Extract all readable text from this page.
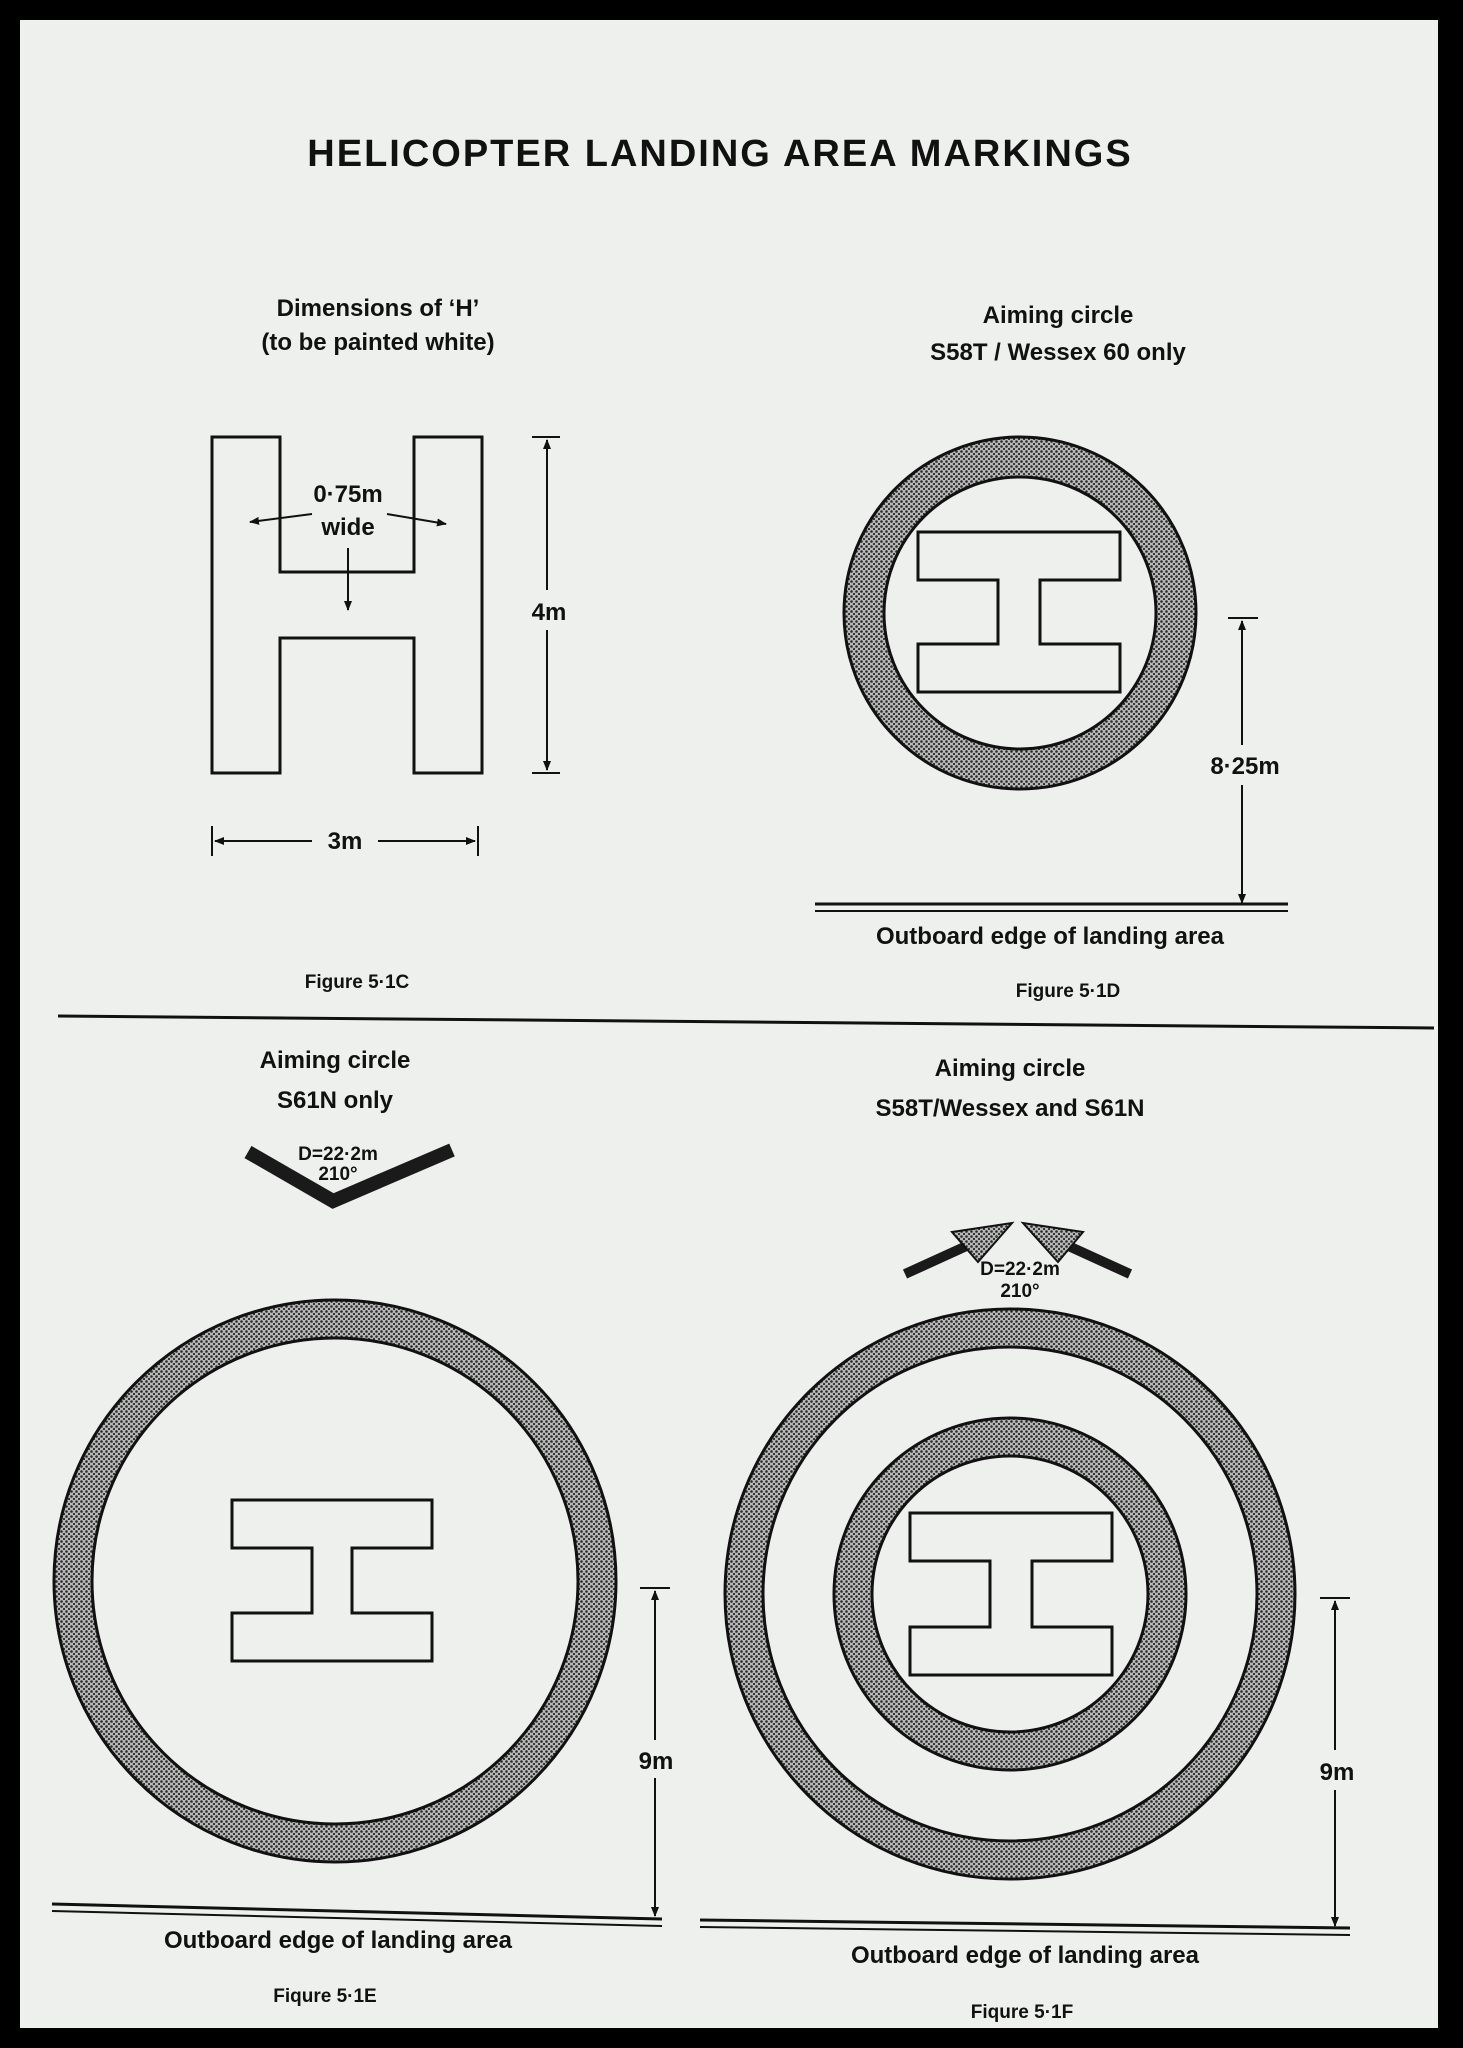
HELICOPTER LANDING AREA MARKINGS
Dimensions of ‘H’
(to be painted white)
0·75m
wide
4m
3m
Figure 5·1C
Aiming circle
S58T / Wessex 60 only
8·25m
Outboard edge of landing area
Figure 5·1D
Aiming circle
S61N only
D=22·2m
210°
9m
Outboard edge of landing area
Fiqure 5·1E
Aiming circle
S58T/Wessex and S61N
D=22·2m
210°
9m
Outboard edge of landing area
Fiqure 5·1F
